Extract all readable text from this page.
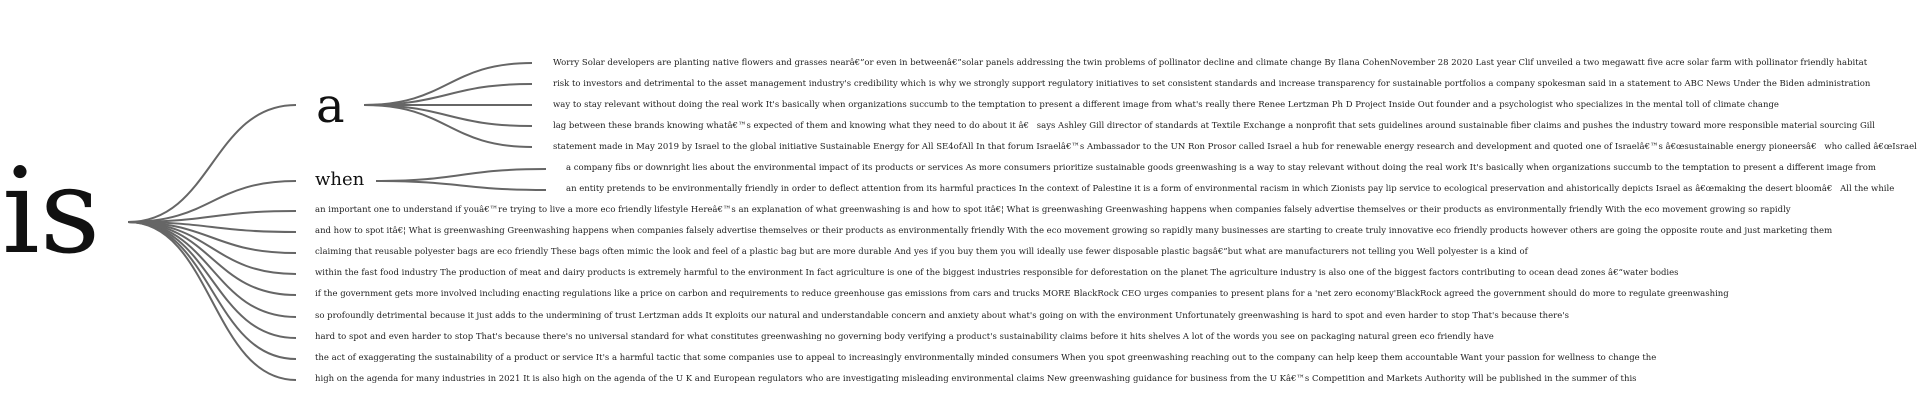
is
a
when
Worry Solar developers are planting native flowers and grasses nearâ€”or even in betweenâ€”solar panels addressing the twin problems of pollinator decline and climate change By Ilana CohenNovember 28 2020 Last year Clif unveiled a two megawatt five acre solar farm with pollinator friendly habitat
risk to investors and detrimental to the asset management industry's credibility which is why we strongly support regulatory initiatives to set consistent standards and increase transparency for sustainable portfolios a company spokesman said in a statement to ABC News Under the Biden administration
way to stay relevant without doing the real work It's basically when organizations succumb to the temptation to present a different image from what's really there Renee Lertzman Ph D Project Inside Out founder and a psychologist who specializes in the mental toll of climate change
lag between these brands knowing whatâ€™s expected of them and knowing what they need to do about it â€ says Ashley Gill director of standards at Textile Exchange a nonprofit that sets guidelines around sustainable fiber claims and pushes the industry toward more responsible material sourcing Gill
statement made in May 2019 by Israel to the global initiative Sustainable Energy for All SE4ofAll In that forum Israelâ€™s Ambassador to the UN Ron Prosor called Israel a hub for renewable energy research and development and quoted one of Israelâ€™s â€œsustainable energy pioneersâ€ who called â€œIsrael
a company fibs or downright lies about the environmental impact of its products or services As more consumers prioritize sustainable goods greenwashing is a way to stay relevant without doing the real work It's basically when organizations succumb to the temptation to present a different image from
an entity pretends to be environmentally friendly in order to deflect attention from its harmful practices In the context of Palestine it is a form of environmental racism in which Zionists pay lip service to ecological preservation and ahistorically depicts Israel as â€œmaking the desert bloomâ€ All the while
an important one to understand if youâ€™re trying to live a more eco friendly lifestyle Hereâ€™s an explanation of what greenwashing is and how to spot itâ€¦ What is greenwashing Greenwashing happens when companies falsely advertise themselves or their products as environmentally friendly With the eco movement growing so rapidly
and how to spot itâ€¦ What is greenwashing Greenwashing happens when companies falsely advertise themselves or their products as environmentally friendly With the eco movement growing so rapidly many businesses are starting to create truly innovative eco friendly products however others are going the opposite route and just marketing them
claiming that reusable polyester bags are eco friendly These bags often mimic the look and feel of a plastic bag but are more durable And yes if you buy them you will ideally use fewer disposable plastic bagsâ€”but what are manufacturers not telling you Well polyester is a kind of
within the fast food industry The production of meat and dairy products is extremely harmful to the environment In fact agriculture is one of the biggest industries responsible for deforestation on the planet The agriculture industry is also one of the biggest factors contributing to ocean dead zones â€“water bodies
if the government gets more involved including enacting regulations like a price on carbon and requirements to reduce greenhouse gas emissions from cars and trucks MORE BlackRock CEO urges companies to present plans for a 'net zero economy'BlackRock agreed the government should do more to regulate greenwashing
so profoundly detrimental because it just adds to the undermining of trust Lertzman adds It exploits our natural and understandable concern and anxiety about what's going on with the environment Unfortunately greenwashing is hard to spot and even harder to stop That's because there's
hard to spot and even harder to stop That's because there's no universal standard for what constitutes greenwashing no governing body verifying a product's sustainability claims before it hits shelves A lot of the words you see on packaging natural green eco friendly have
the act of exaggerating the sustainability of a product or service It's a harmful tactic that some companies use to appeal to increasingly environmentally minded consumers When you spot greenwashing reaching out to the company can help keep them accountable Want your passion for wellness to change the
high on the agenda for many industries in 2021 It is also high on the agenda of the U K and European regulators who are investigating misleading environmental claims New greenwashing guidance for business from the U Kâ€™s Competition and Markets Authority will be published in the summer of this
